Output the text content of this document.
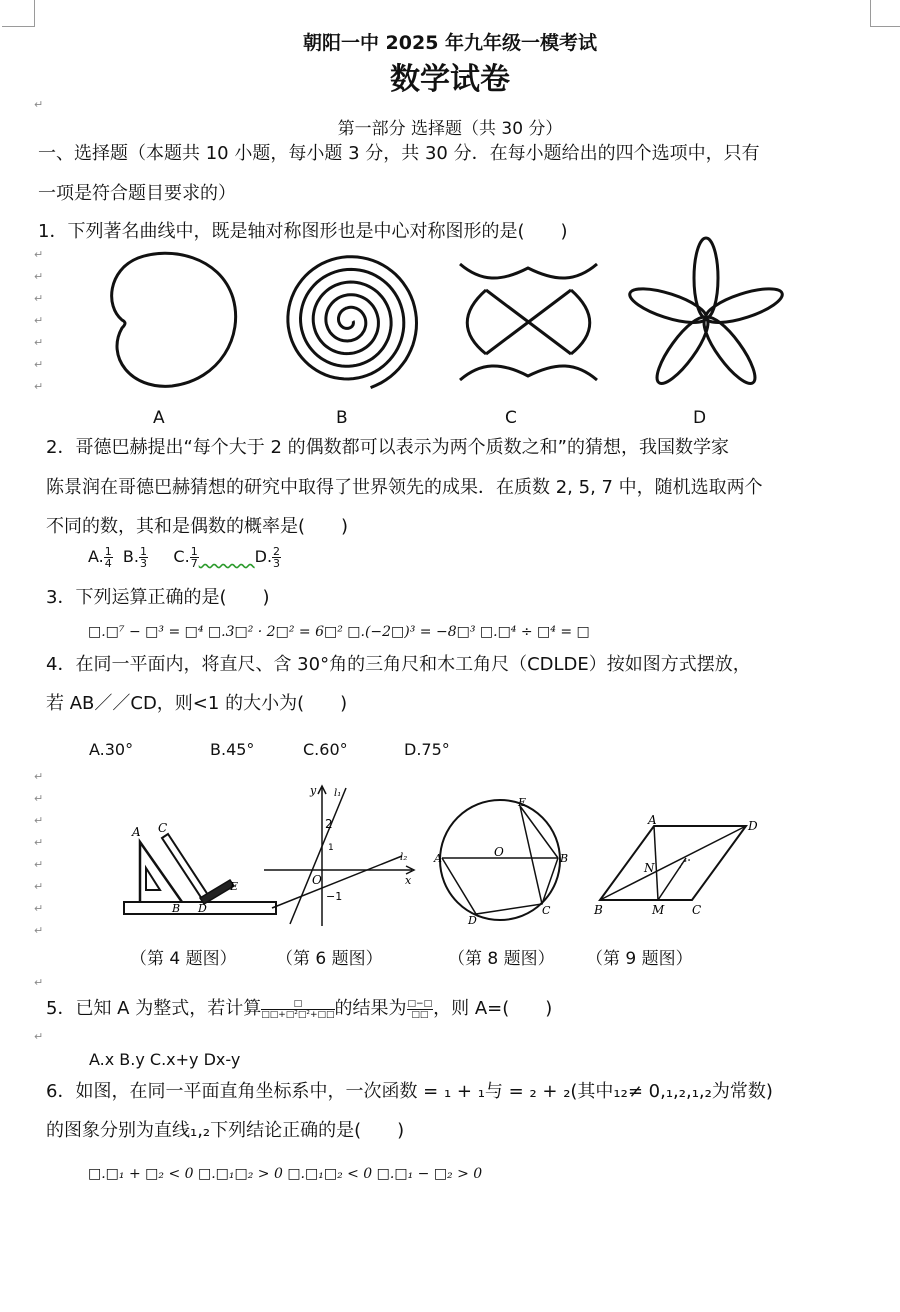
朝阳一中 2025 年九年级一模考试
数学试卷
↵
第一部分 选择题（共 30 分）
一、选择题（本题共 10 小题，每小题 3 分，共 30 分．在每小题给出的四个选项中，只有
一项是符合题目要求的）
1．下列著名曲线中，既是轴对称图形也是中心对称图形的是(　　)
↵
↵
↵
↵
↵
↵
↵
A	B	C	D
2．哥德巴赫提出“每个大于 2 的偶数都可以表示为两个质数之和”的猜想，我国数学家
陈景润在哥德巴赫猜想的研究中取得了世界领先的成果．在质数 2, 5, 7 中，随机选取两个
不同的数，其和是偶数的概率是(　　)
A. $\frac{1}{4} B$. $\frac{1}{3} C$. $\frac{1}{7}$	D. $\frac{2}{3}$
3．下列运算正确的是(　　)
□.□⁷ − □³ = □⁴ □.3□² · 2□² = 6□² □.(−2□)³ = −8□³ □.□⁴ ÷ □⁴ = □
4．在同一平面内，将直尺、含 30°角的三角尺和木工角尺（CDLDE）按如图方式摆放，
若 AB／／CD，则<1 的大小为(　　)
A.30°	B.45°	C.60°	D.75°
↵
↵
↵
↵
↵
↵
↵
↵
A C
E
B D
y l₁
2
1
O	x
−1
l₂
E
O
A	B
D
C
A	D
N
B	M C
（第 4 题图） （第 6 题图）	（第 8 题图） （第 9 题图）
↵
5．已知 A 为整式，若计算 $\frac{□}{\text{□□+□²□²+□□}}$ 的结果为 $\frac{□-□}{□□}$ ，则 A=(　　)
↵
A.x B.y C.x+y Dx-y
6．如图，在同一平面直角坐标系中，一次函数 = ₁ + ₁与 = ₂ + ₂(其中₁₂≠ 0,₁,₂,₁,₂为常数)
的图象分别为直线₁,₂下列结论正确的是(　　)
□.□₁ + □₂ < 0 □.□₁□₂ > 0 □.□₁□₂ < 0 □.□₁ − □₂ > 0
